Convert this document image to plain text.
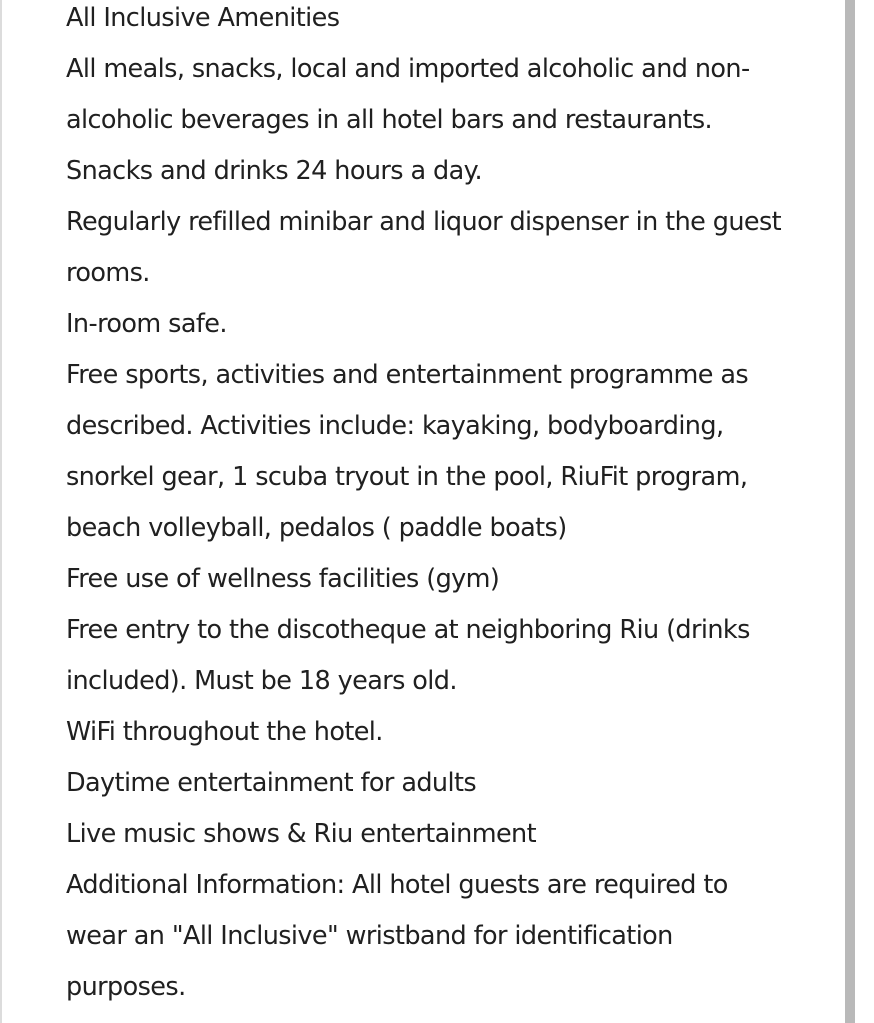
All Inclusive Amenities
All meals, snacks, local and imported alcoholic and non-
alcoholic beverages in all hotel bars and restaurants.
Snacks and drinks 24 hours a day.
Regularly refilled minibar and liquor dispenser in the guest
rooms.
In-room safe.
Free sports, activities and entertainment programme as
described. Activities include: kayaking, bodyboarding,
snorkel gear, 1 scuba tryout in the pool, RiuFit program,
beach volleyball, pedalos ( paddle boats)
Free use of wellness facilities (gym)
Free entry to the discotheque at neighboring Riu (drinks
included). Must be 18 years old.
WiFi throughout the hotel.
Daytime entertainment for adults
Live music shows & Riu entertainment
Additional Information: All hotel guests are required to
wear an "All Inclusive" wristband for identification
purposes.
